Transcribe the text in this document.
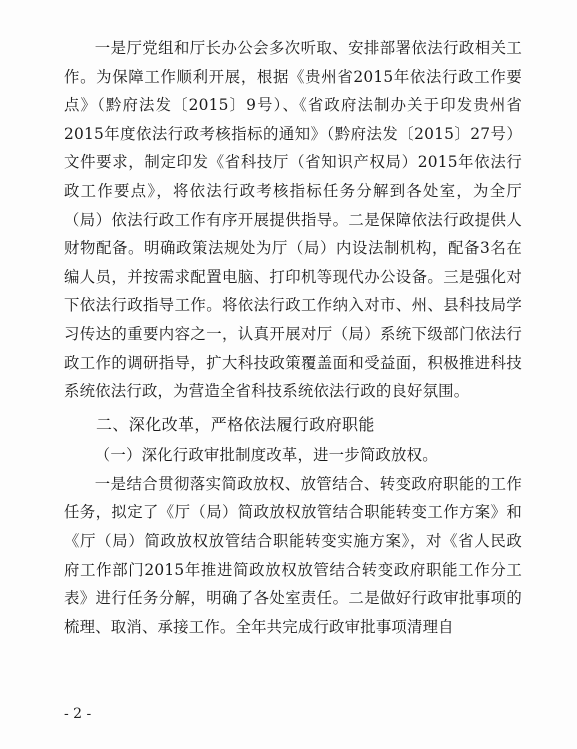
一是厅党组和厅长办公会多次听取、安排部署依法行政相关工作。为保障工作顺利开展，根据《贵州省2015年依法行政工作要点》（黔府法发〔2015〕9号）、《省政府法制办关于印发贵州省2015年度依法行政考核指标的通知》（黔府法发〔2015〕27号）文件要求，制定印发《省科技厅（省知识产权局）2015年依法行政工作要点》，将依法行政考核指标任务分解到各处室，为全厅（局）依法行政工作有序开展提供指导。二是保障依法行政提供人财物配备。明确政策法规处为厅（局）内设法制机构，配备3名在编人员，并按需求配置电脑、打印机等现代办公设备。三是强化对下依法行政指导工作。将依法行政工作纳入对市、州、县科技局学习传达的重要内容之一，认真开展对厅（局）系统下级部门依法行政工作的调研指导，扩大科技政策覆盖面和受益面，积极推进科技系统依法行政，为营造全省科技系统依法行政的良好氛围。

二、深化改革，严格依法履行政府职能

（一）深化行政审批制度改革，进一步简政放权。

一是结合贯彻落实简政放权、放管结合、转变政府职能的工作任务，拟定了《厅（局）简政放权放管结合职能转变工作方案》和《厅（局）简政放权放管结合职能转变实施方案》，对《省人民政府工作部门2015年推进简政放权放管结合转变政府职能工作分工表》进行任务分解，明确了各处室责任。二是做好行政审批事项的梳理、取消、承接工作。全年共完成行政审批事项清理自

- 2 -
